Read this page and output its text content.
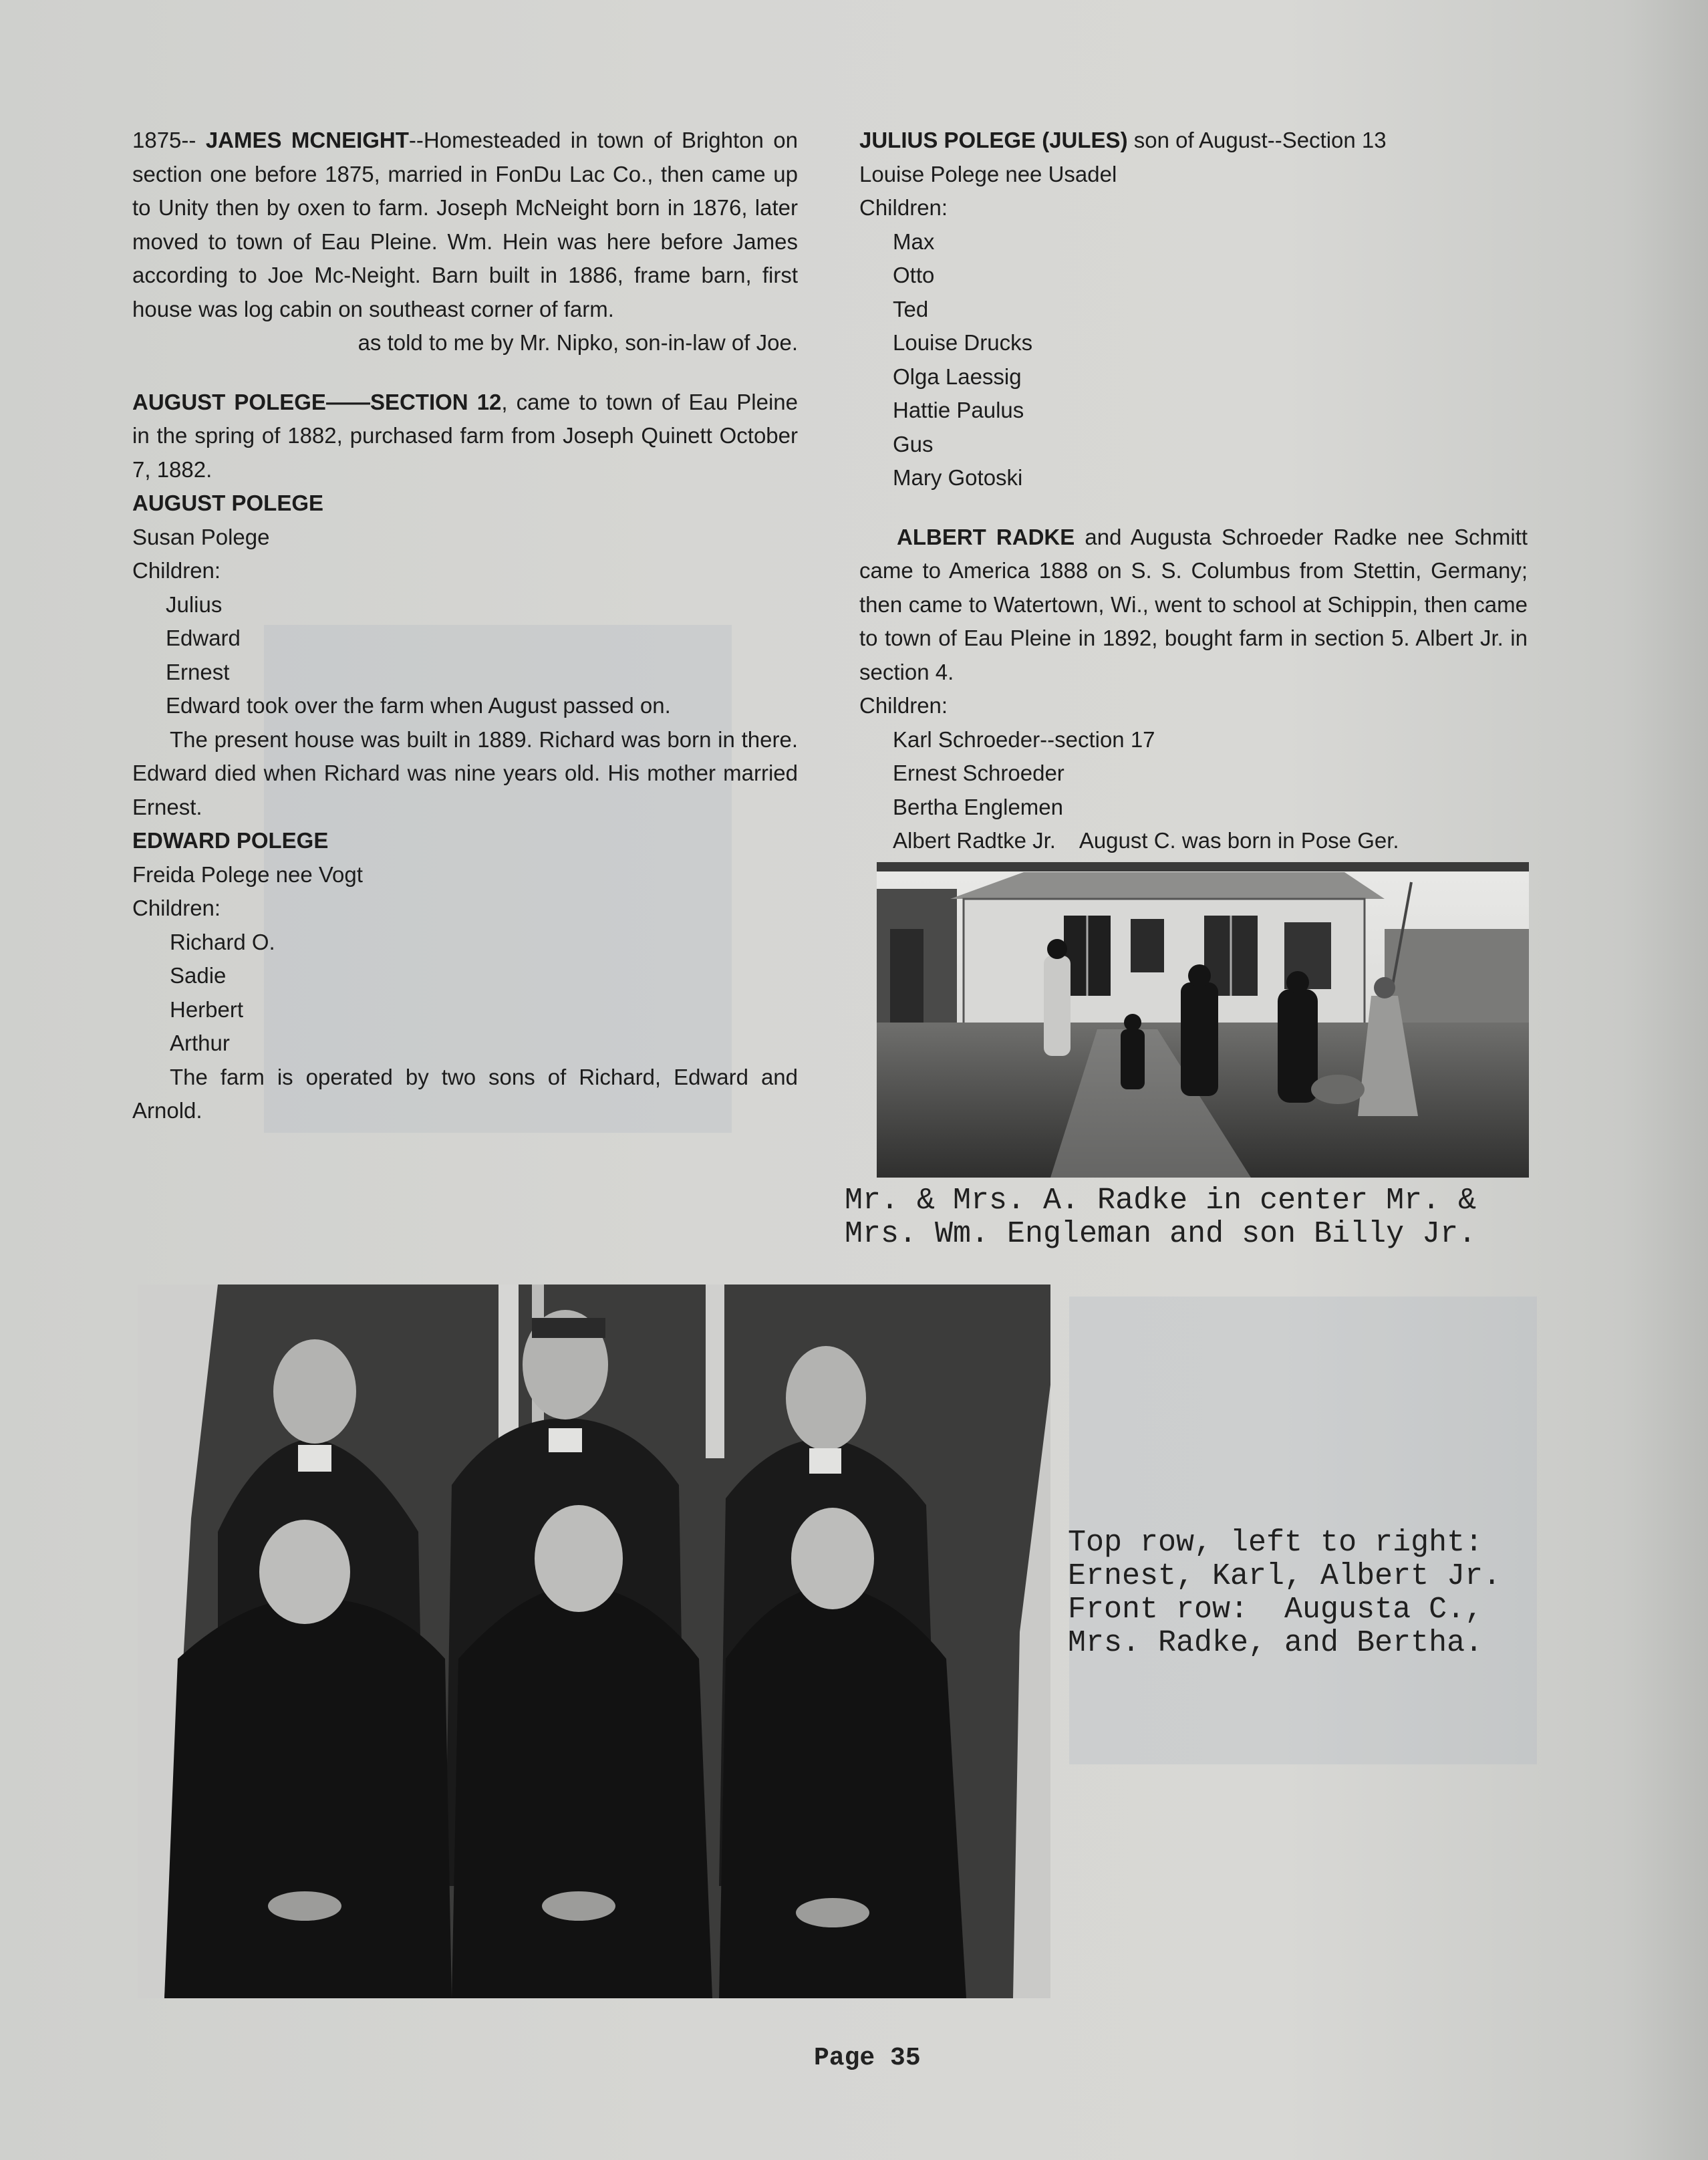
1875-- JAMES MCNEIGHT--Homesteaded in town of Brighton on section one before 1875, married in FonDu Lac Co., then came up to Unity then by oxen to farm. Joseph McNeight born in 1876, later moved to town of Eau Pleine. Wm. Hein was here before James according to Joe Mc-Neight. Barn built in 1886, frame barn, first house was log cabin on southeast corner of farm.

as told to me by Mr. Nipko, son-in-law of Joe.

AUGUST POLEGE——SECTION 12, came to town of Eau Pleine in the spring of 1882, purchased farm from Joseph Quinett October 7, 1882.

AUGUST POLEGE

Susan Polege

Children:

Julius

Edward

Ernest

Edward took over the farm when August passed on.

The present house was built in 1889. Richard was born in there. Edward died when Richard was nine years old. His mother married Ernest.

EDWARD POLEGE

Freida Polege nee Vogt

Children:

Richard O.

Sadie

Herbert

Arthur

The farm is operated by two sons of Richard, Edward and Arnold.

JULIUS POLEGE (JULES) son of August--Section 13

Louise Polege nee Usadel

Children:

Max

Otto

Ted

Louise Drucks

Olga Laessig

Hattie Paulus

Gus

Mary Gotoski

ALBERT RADKE and Augusta Schroeder Radke nee Schmitt came to America 1888 on S. S. Columbus from Stettin, Germany; then came to Watertown, Wi., went to school at Schippin, then came to town of Eau Pleine in 1892, bought farm in section 5. Albert Jr. in section 4.

Children:

Karl Schroeder--section 17

Ernest Schroeder

Bertha Englemen

Albert Radtke Jr. August C. was born in Pose Ger.

Mr. & Mrs. A. Radke in center Mr. &
Mrs. Wm. Engleman and son Billy Jr.
Top row, left to right:
Ernest, Karl, Albert Jr.
Front row:  Augusta C.,
Mrs. Radke, and Bertha.
Page 35
